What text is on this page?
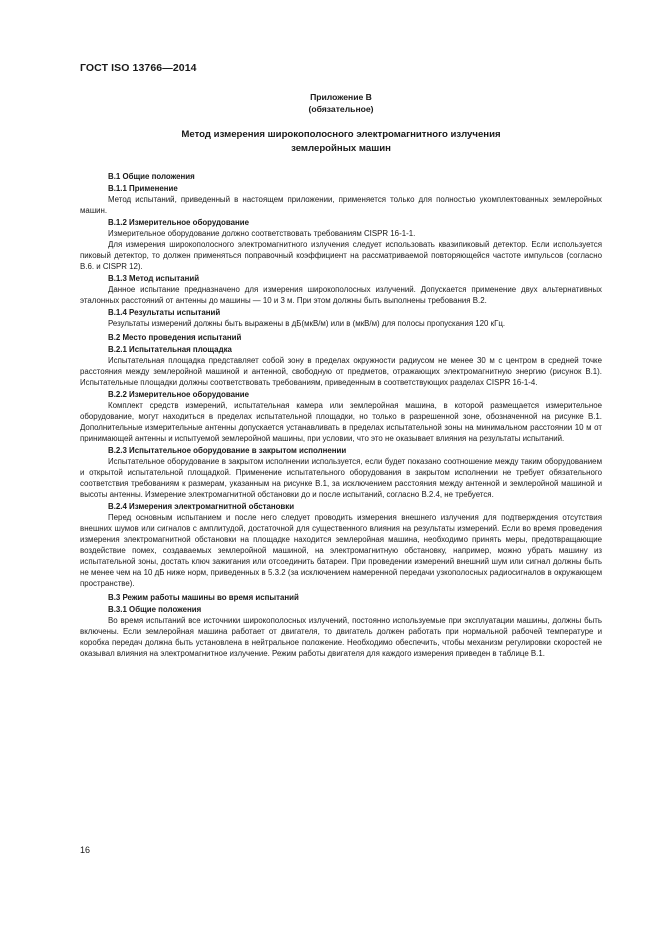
ГОСТ ISO 13766—2014
Приложение В
(обязательное)
Метод измерения широкополосного электромагнитного излучения
землеройных машин
В.1 Общие положения
В.1.1 Применение

Метод испытаний, приведенный в настоящем приложении, применяется только для полностью укомплектованных землеройных машин.

В.1.2 Измерительное оборудование

Измерительное оборудование должно соответствовать требованиям CISPR 16-1-1.

Для измерения широкополосного электромагнитного излучения следует использовать квазипиковый детектор. Если используется пиковый детектор, то должен применяться поправочный коэффициент на рассматриваемой повторяющейся частоте импульсов (согласно В.6. и CISPR 12).

В.1.3 Метод испытаний

Данное испытание предназначено для измерения широкополосных излучений. Допускается применение двух альтернативных эталонных расстояний от антенны до машины — 10 и 3 м. При этом должны быть выполнены требования В.2.

В.1.4 Результаты испытаний

Результаты измерений должны быть выражены в дБ(мкВ/м) или в (мкВ/м) для полосы пропускания 120 кГц.

В.2 Место проведения испытаний
В.2.1 Испытательная площадка

Испытательная площадка представляет собой зону в пределах окружности радиусом не менее 30 м с центром в средней точке расстояния между землеройной машиной и антенной, свободную от предметов, отражающих электромагнитную энергию (рисунок В.1). Испытательные площадки должны соответствовать требованиям, приведенным в соответствующих разделах CISPR 16-1-4.

В.2.2 Измерительное оборудование

Комплект средств измерений, испытательная камера или землеройная машина, в которой размещается измерительное оборудование, могут находиться в пределах испытательной площадки, но только в разрешенной зоне, обозначенной на рисунке В.1. Дополнительные измерительные антенны допускается устанавливать в пределах испытательной зоны на минимальном расстоянии 10 м от принимающей антенны и испытуемой землеройной машины, при условии, что это не оказывает влияния на результаты испытаний.

В.2.3 Испытательное оборудование в закрытом исполнении

Испытательное оборудование в закрытом исполнении используется, если будет показано соотношение между таким оборудованием и открытой испытательной площадкой. Применение испытательного оборудования в закрытом исполнении не требует обязательного соответствия требованиям к размерам, указанным на рисунке В.1, за исключением расстояния между антенной и землеройной машиной и высоты антенны. Измерение электромагнитной обстановки до и после испытаний, согласно В.2.4, не требуется.

В.2.4 Измерения электромагнитной обстановки

Перед основным испытанием и после него следует проводить измерения внешнего излучения для подтверждения отсутствия внешних шумов или сигналов с амплитудой, достаточной для существенного влияния на результаты измерений. Если во время проведения измерения электромагнитной обстановки на площадке находится землеройная машина, необходимо принять меры, предотвращающие воздействие помех, создаваемых землеройной машиной, на электромагнитную обстановку, например, можно убрать машину из испытательной зоны, достать ключ зажигания или отсоединить батареи. При проведении измерений внешний шум или сигнал должны быть не менее чем на 10 дБ ниже норм, приведенных в 5.3.2 (за исключением намеренной передачи узкополосных радиосигналов в окружающем пространстве).

В.3 Режим работы машины во время испытаний
В.3.1 Общие положения

Во время испытаний все источники широкополосных излучений, постоянно используемые при эксплуатации машины, должны быть включены. Если землеройная машина работает от двигателя, то двигатель должен работать при нормальной рабочей температуре и коробка передач должна быть установлена в нейтральное положение. Необходимо обеспечить, чтобы механизм регулировки скоростей не оказывал влияния на электромагнитное излучение. Режим работы двигателя для каждого измерения приведен в таблице В.1.

16
